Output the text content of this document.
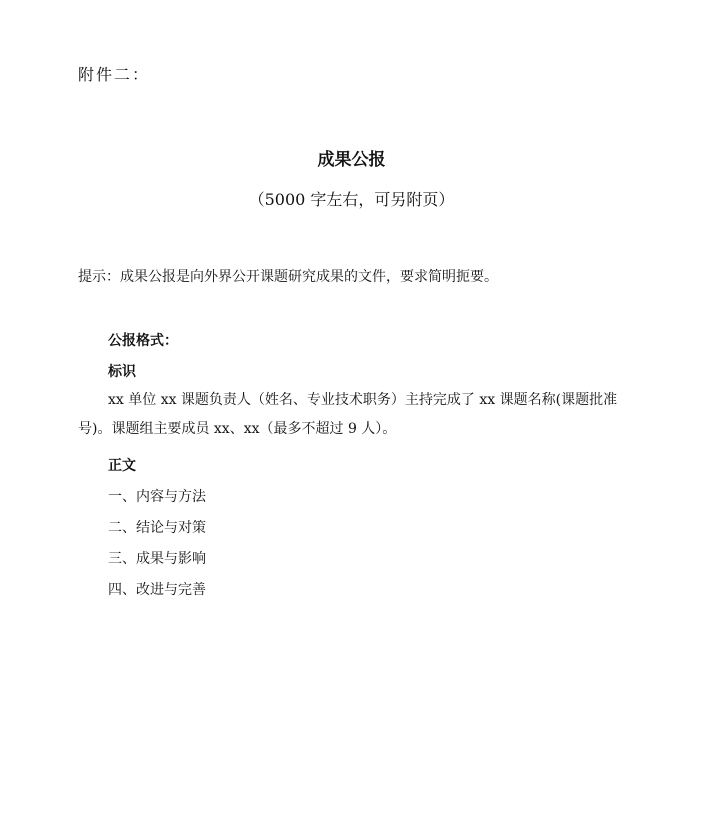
附件二：
成果公报
（5000 字左右，可另附页）
提示：成果公报是向外界公开课题研究成果的文件，要求简明扼要。
公报格式：
标识
xx 单位 xx 课题负责人（姓名、专业技术职务）主持完成了 xx 课题名称(课题批准号)。课题组主要成员 xx、xx（最多不超过 9 人）。
正文
一、内容与方法
二、结论与对策
三、成果与影响
四、改进与完善
